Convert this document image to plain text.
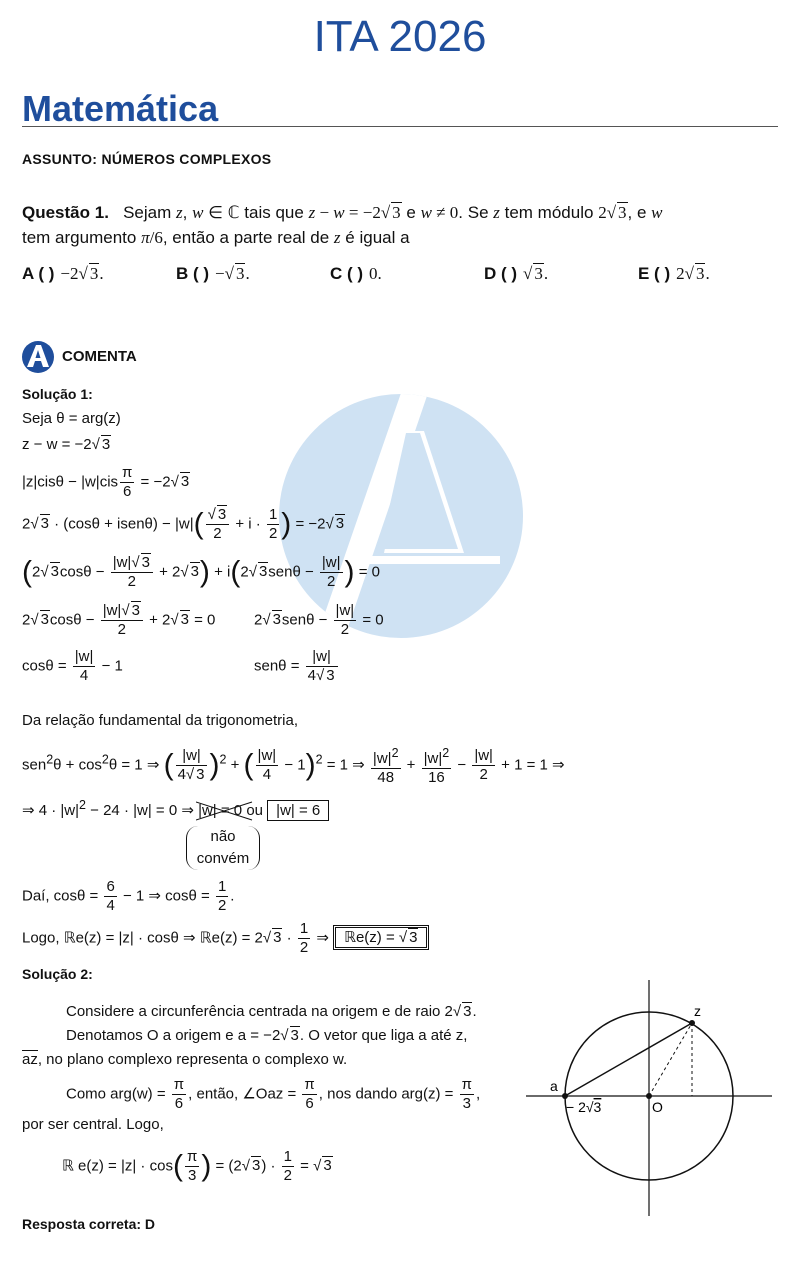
ITA 2026
Matemática
ASSUNTO: NÚMEROS COMPLEXOS
Questão 1. Sejam z, w ∈ ℂ tais que z − w = −2√ 3 e w ≠ 0. Se z tem módulo 2√ 3, e w
tem argumento π/6, então a parte real de z é igual a
A ( ) −2√ 3.	B ( ) −√ 3.	C ( ) 0.	D ( ) √ 3.	E ( ) 2√ 3.
COMENTA
Solução 1:
Seja θ = arg(z)
z − w = −2√ 3
$|z|cis\theta - |w|cis \frac{\pi}{6} = -2√$ 3
2√ 3 · (cosθ + isenθ) − $|w|( \frac{√ 3}{2} + i \cdot \frac{1}{2}$ ) = −2√ 3
(2√ $3\cos\theta - \frac{|w|√ 3}{2} + 2√$ 3) + i(2√ $3sen\theta - \frac{|w|}{2}$ ) = 0
2√ $3\cos\theta - \frac{|w|√ 3}{2} + 2√$ 3 = 0	2√ $3sen\theta - \frac{|w|}{2} = 0$
$\cos\theta = \frac{|w|}{4} - 1$	$sen\theta = \frac{|w|}{4√ 3}$
Da relação fundamental da trigonometria,
$sen^2\theta + \cos^2\theta = 1$ ⇒ ( $\frac{|w|}{4√ 3} )^2$ + ( $\frac{|w|}{4} - 1)^2 = 1$ ⇒ $\frac{|w|^2}{48} + \frac{|w|^2}{16} - \frac{|w|}{2} + 1 = 1$ ⇒
⇒ $4 \cdot |w|^2 - 24 \cdot |w| = 0$ ⇒ |w| = 0 ou |w| = 6
não
convém
Daí, $\cos\theta = \frac{6}{4} - 1$ ⇒ $\cos\theta = \frac{1}{2}$ .
Logo, ℝe(z) = |z| · cosθ ⇒ ℝe(z) = 2√ $3 \cdot \frac{1}{2}$ ⇒ ℝe(z) = √ 3
Solução 2:
Considere a circunferência centrada na origem e de raio 2√ 3.
Denotamos O a origem e a = −2√ 3. O vetor que liga a até z,
az, no plano complexo representa o complexo w.
Como $arg(w) = \frac{\pi}{6}$ , então, ∠Oaz = $\frac{\pi}{6}$ , nos dando $arg(z) = \frac{\pi}{3}$ ,
por ser central. Logo,
ℝ $e(z) = |z| \cdot \cos( \frac{\pi}{3}$ ) = (2√ $3) \cdot \frac{1}{2}$ = √ 3
z
a
O
− 2√3
Resposta correta: D
